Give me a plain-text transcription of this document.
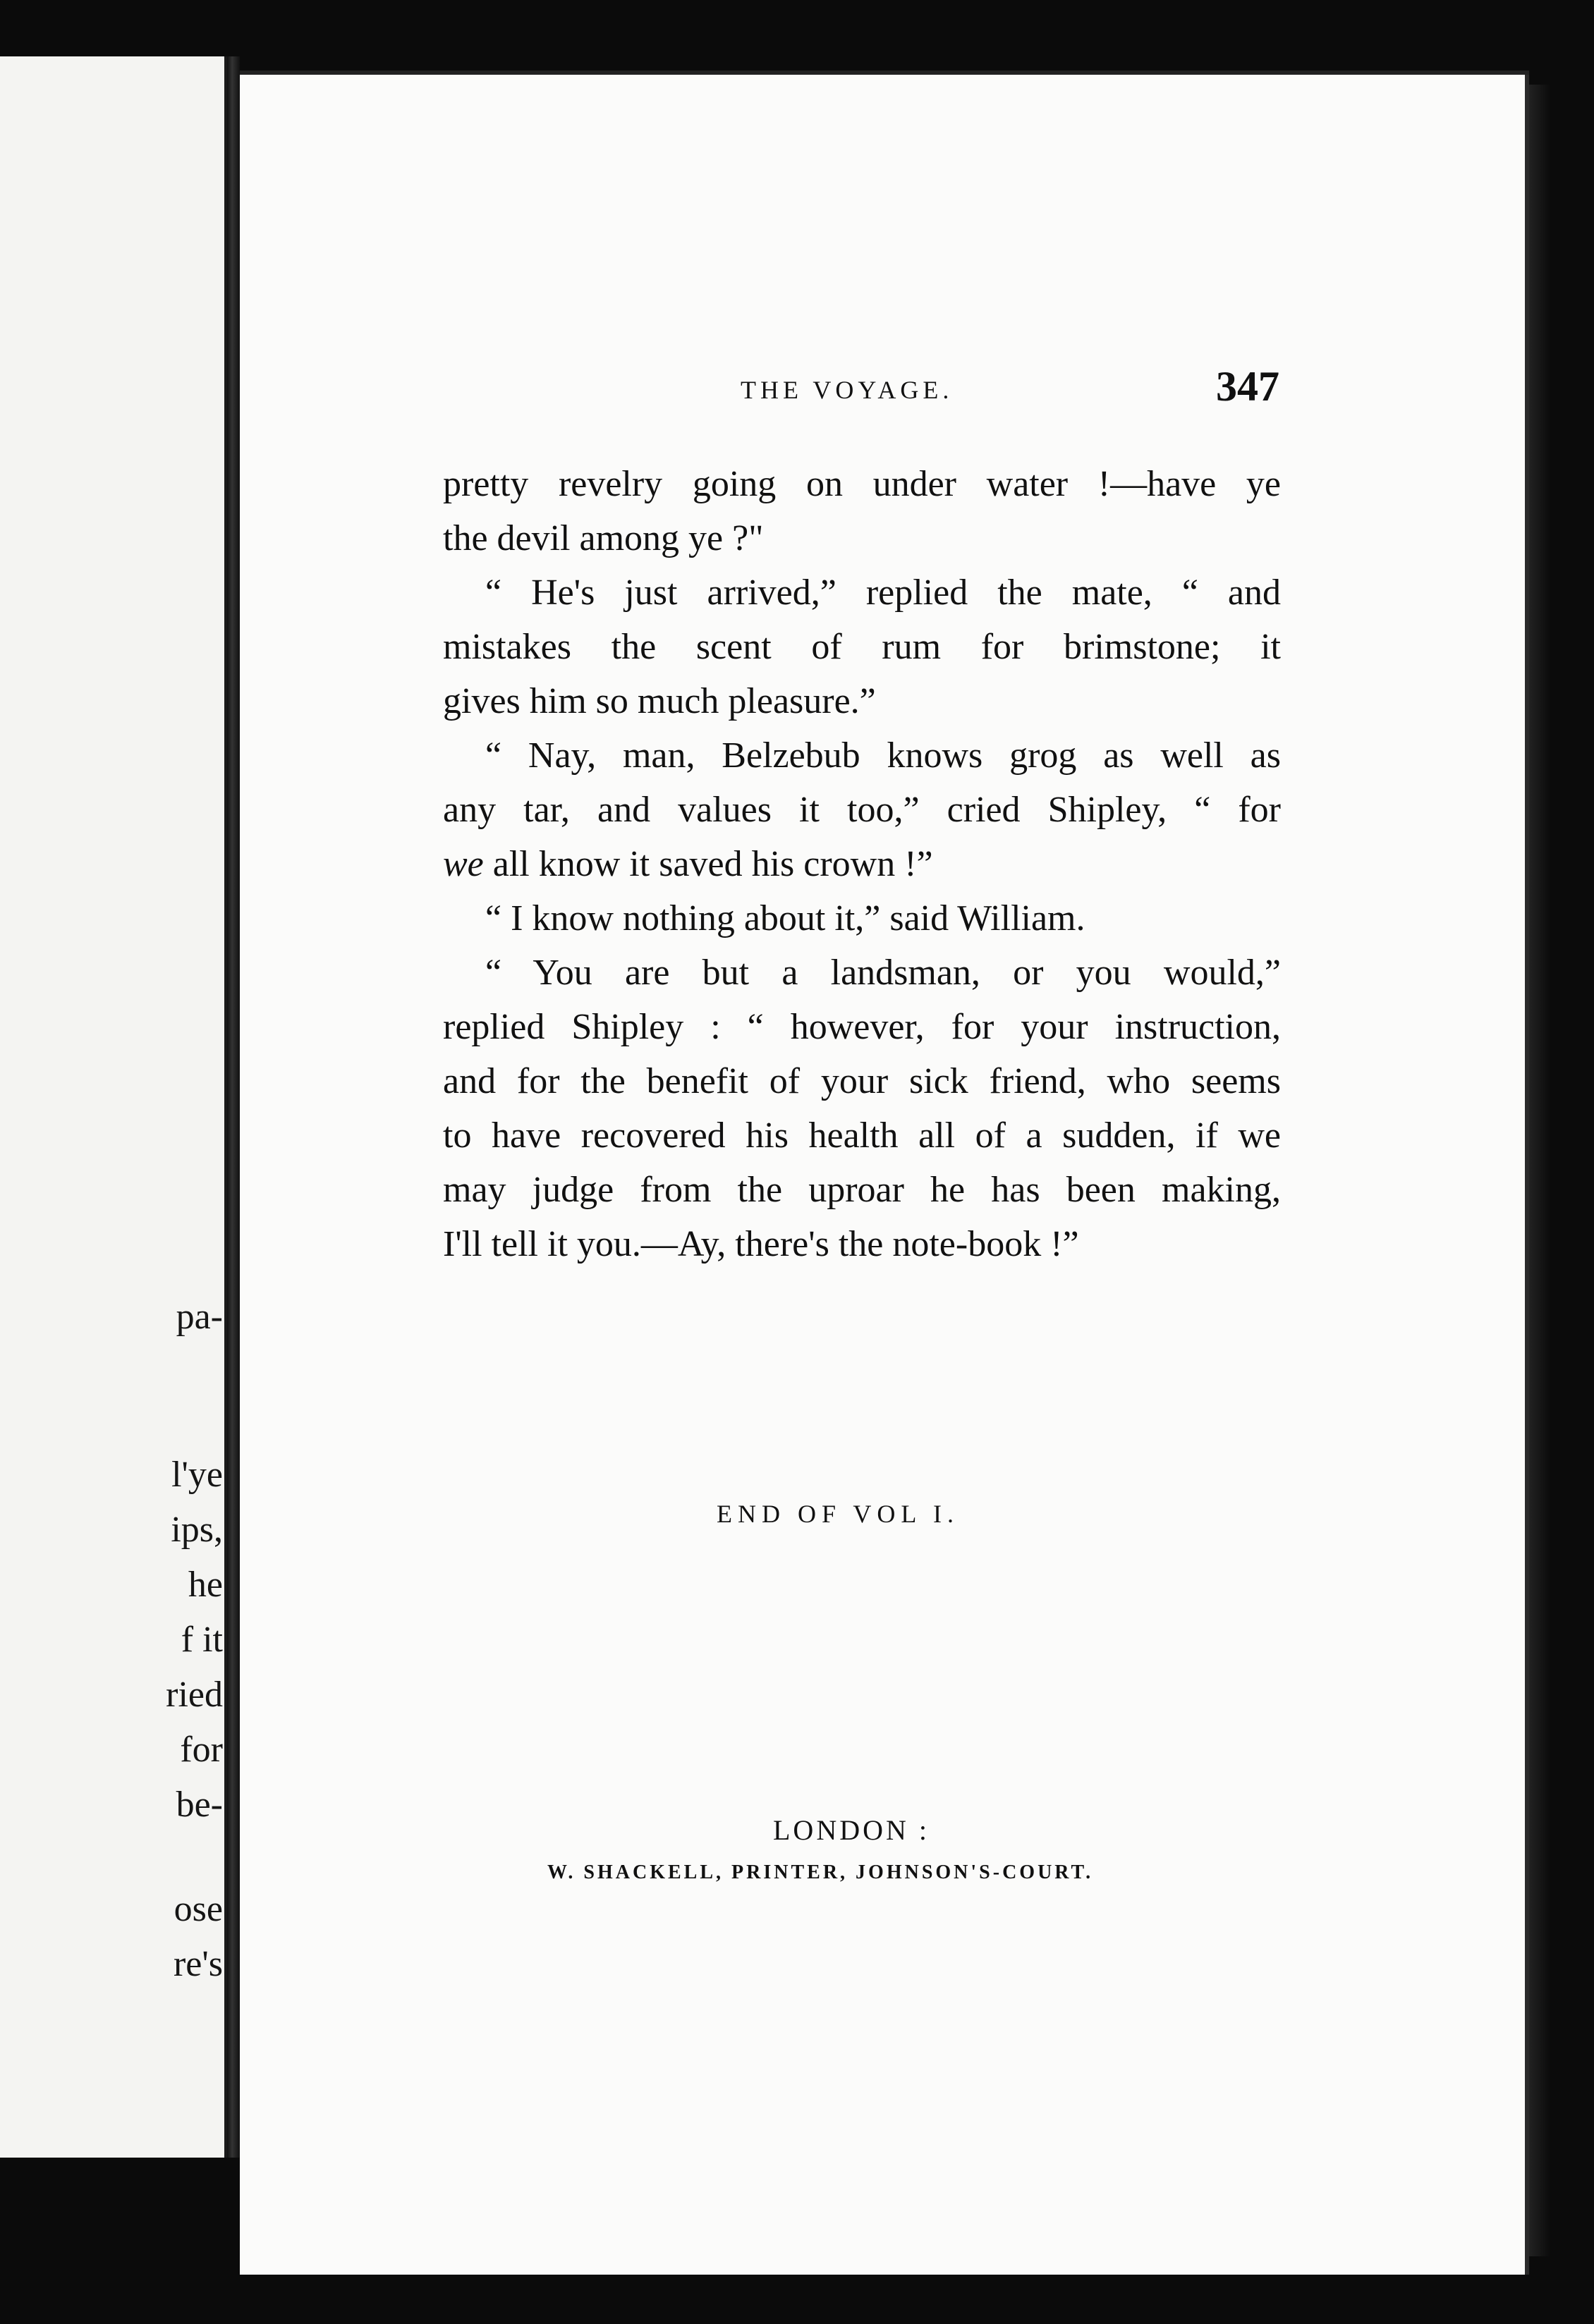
pa-
l'ye
ips,
he
f it
ried
for
be-
ose
re's
THE VOYAGE.	347
pretty revelry going on under water !—have ye
the devil among ye ?"
“ He's just arrived,” replied the mate, “ and
mistakes the scent of rum for brimstone; it
gives him so much pleasure.”
“ Nay, man, Belzebub knows grog as well as
any tar, and values it too,” cried Shipley, “ for
we all know it saved his crown !”
“ I know nothing about it,” said William.
“ You are but a landsman, or you would,”
replied Shipley : “ however, for your instruction,
and for the benefit of your sick friend, who seems
to have recovered his health all of a sudden, if we
may judge from the uproar he has been making,
I'll tell it you.—Ay, there's the note-book !”
END OF VOL I.
LONDON :
W. SHACKELL, PRINTER, JOHNSON'S-COURT.
